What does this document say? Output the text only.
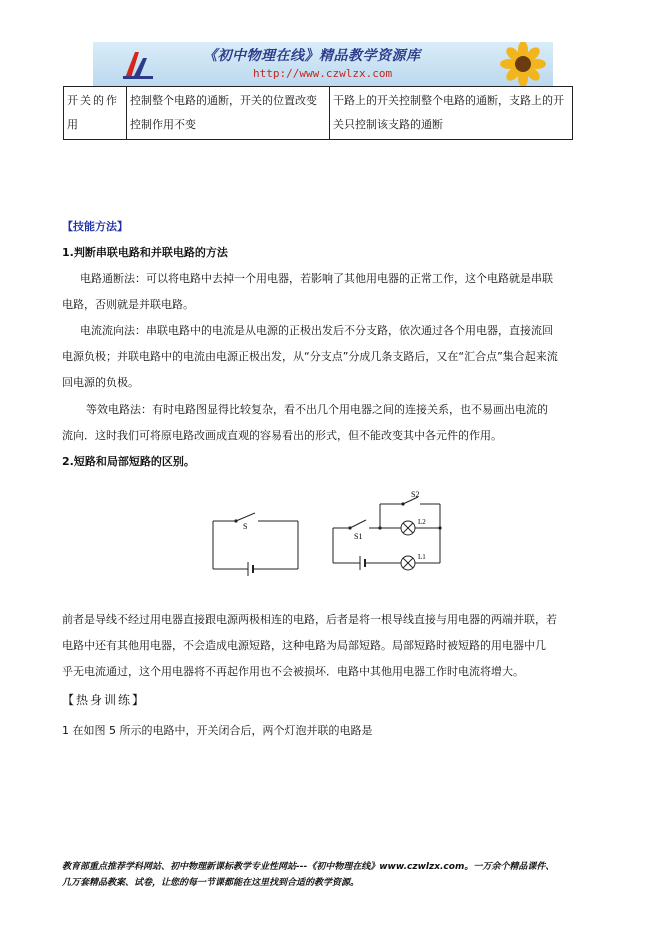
《初中物理在线》精品教学资源库
http://www.czwlzx.com
开关的作用	控制整个电路的通断，开关的位置改变控制作用不变	干路上的开关控制整个电路的通断，支路上的开关只控制该支路的通断
【技能方法】
1.判断串联电路和并联电路的方法
电路通断法：可以将电路中去掉一个用电器，若影响了其他用电器的正常工作，这个电路就是串联
电路，否则就是并联电路。
电流流向法：串联电路中的电流是从电源的正极出发后不分支路，依次通过各个用电器，直接流回
电源负极；并联电路中的电流由电源正极出发，从“分支点”分成几条支路后，又在“汇合点”集合起来流
回电源的负极。
等效电路法：有时电路图显得比较复杂，看不出几个用电器之间的连接关系，也不易画出电流的
流向．这时我们可将原电路改画成直观的容易看出的形式，但不能改变其中各元件的作用。
2.短路和局部短路的区别。
S
S2
S1
L2
L1
前者是导线不经过用电器直接跟电源两极相连的电路，后者是将一根导线直接与用电器的两端并联，若
电路中还有其他用电器，不会造成电源短路，这种电路为局部短路。局部短路时被短路的用电器中几
乎无电流通过，这个用电器将不再起作用也不会被损坏．电路中其他用电器工作时电流将增大。
【热身训练】
1 在如图 5 所示的电路中，开关闭合后，两个灯泡并联的电路是
教育部重点推荐学科网站、初中物理新课标教学专业性网站---《初中物理在线》www.czwlzx.com。一万余个精品课件、
几万套精品教案、试卷，让您的每一节课都能在这里找到合适的教学资源。
